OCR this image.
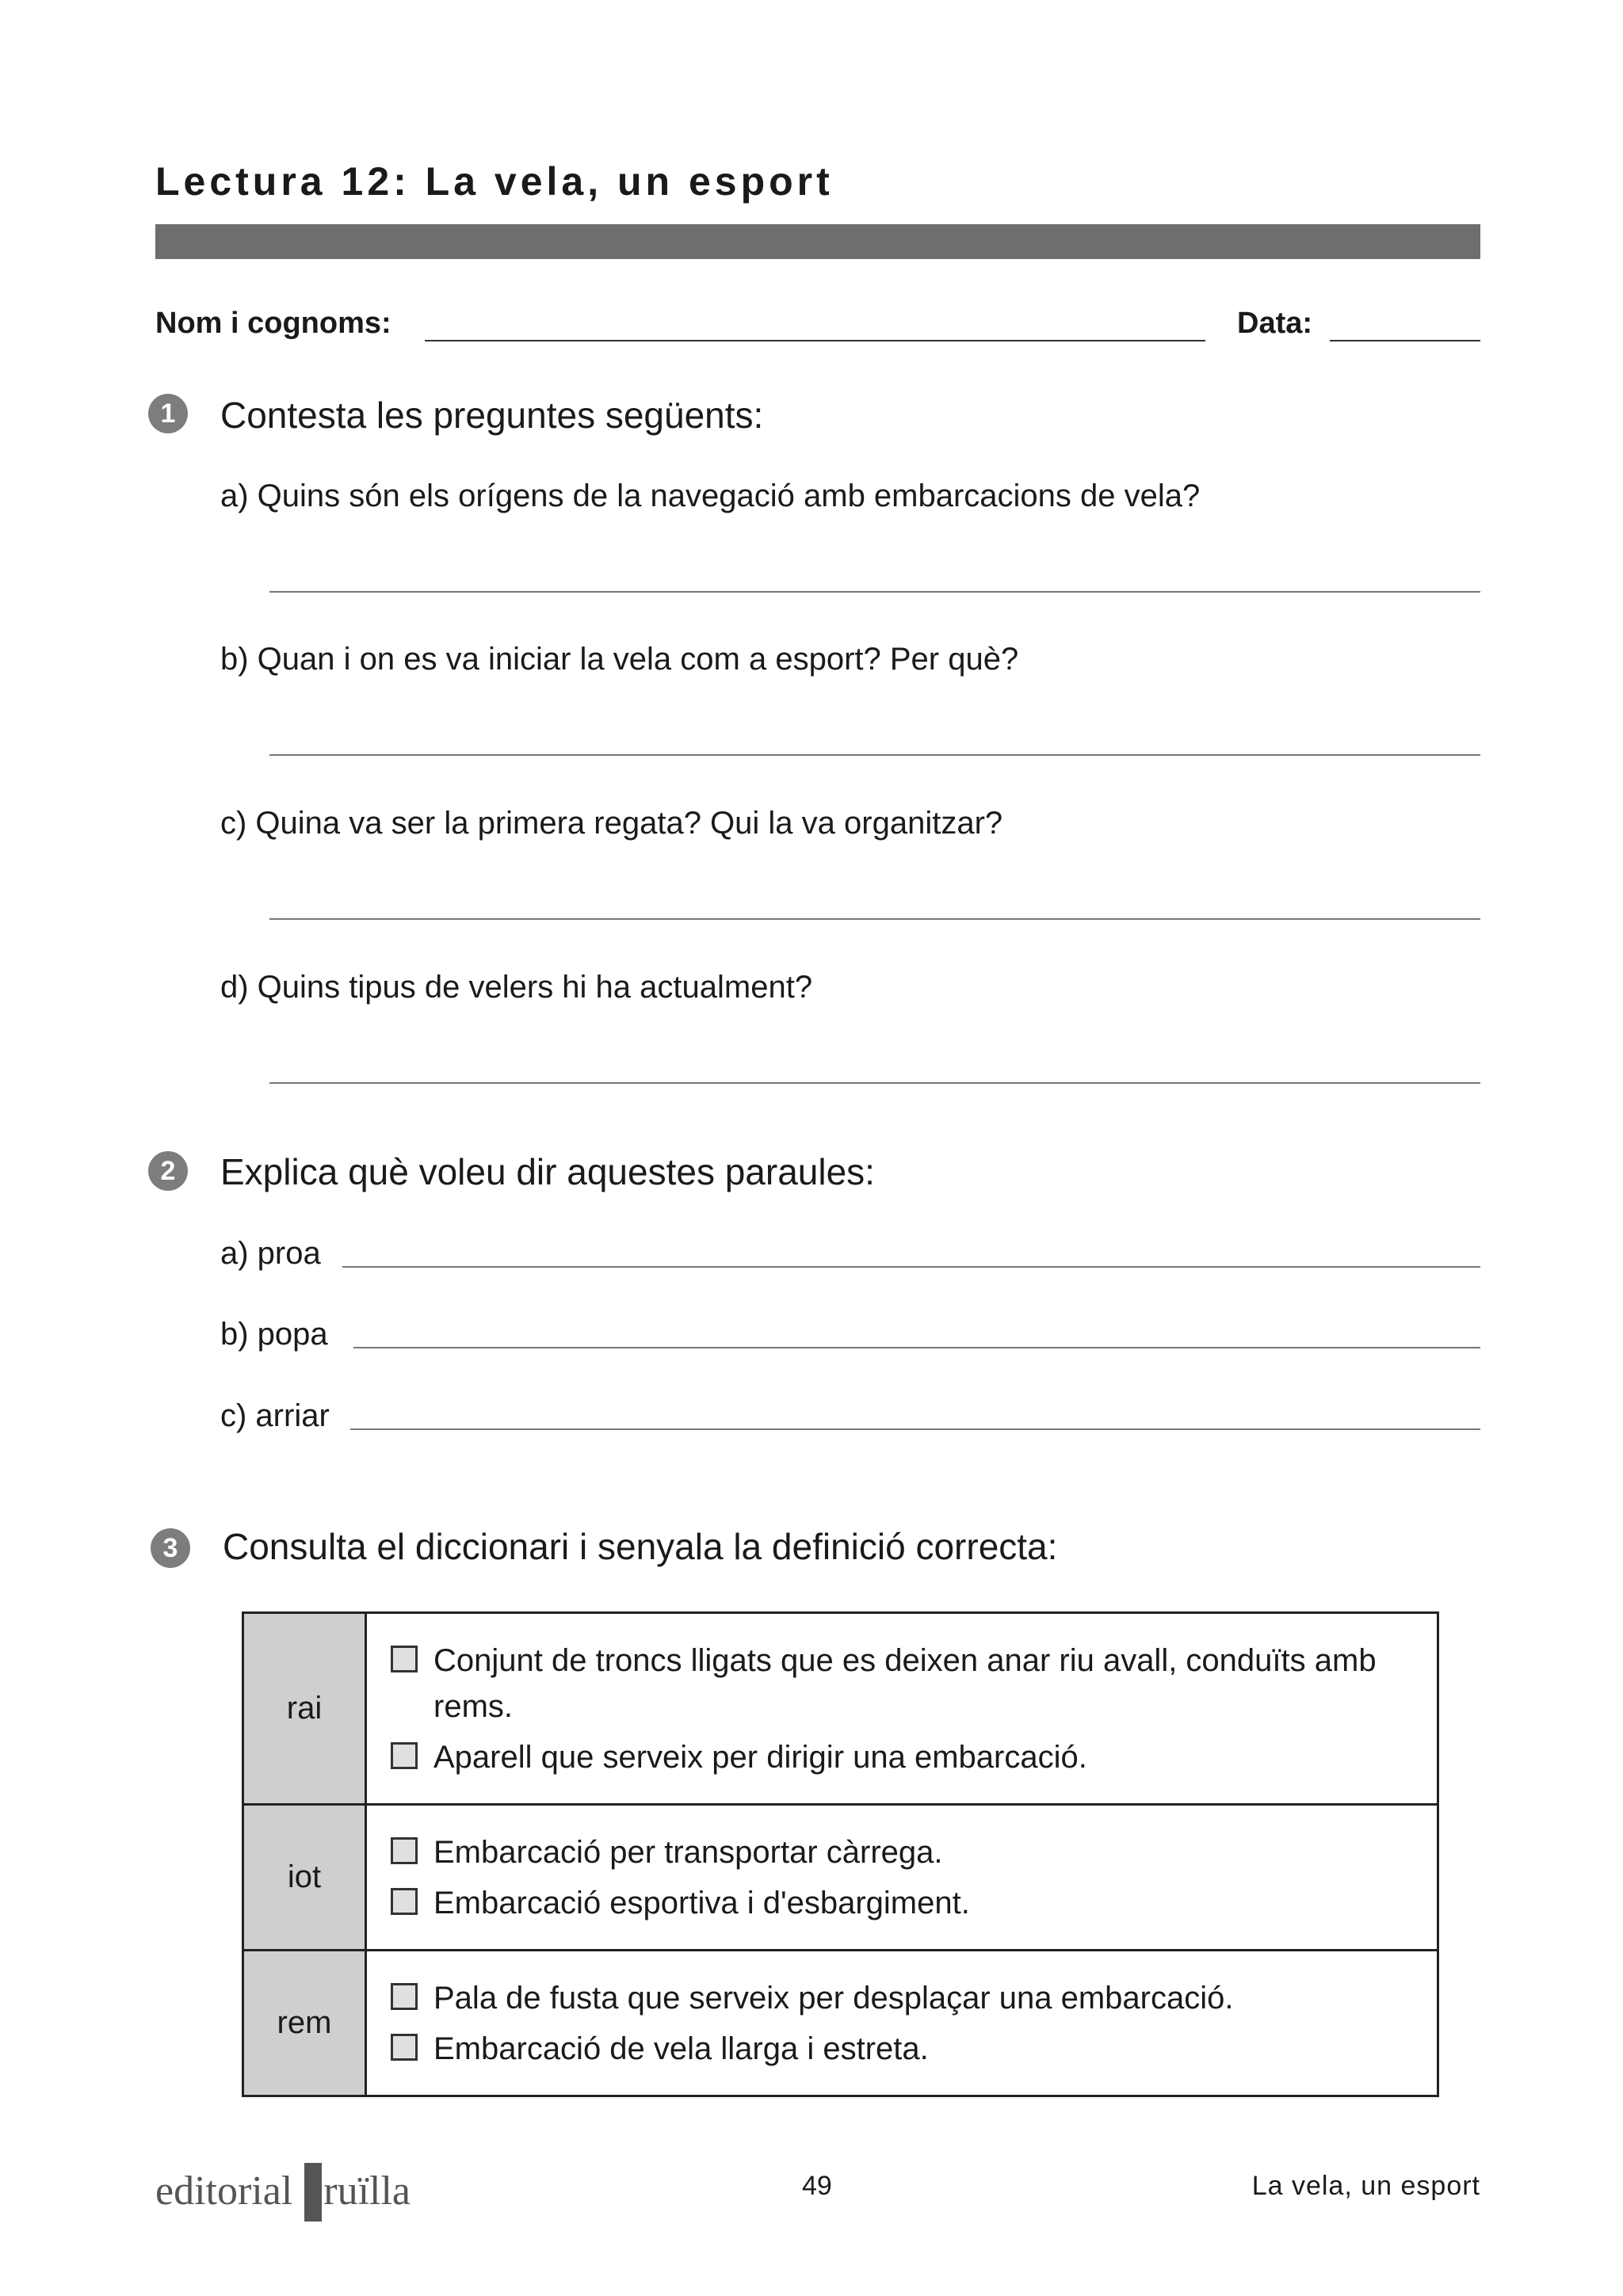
Lectura 12: La vela, un esport
Nom i cognoms:	Data:
1	Contesta les preguntes següents:
a) Quins són els orígens de la navegació amb embarcacions de vela?
b) Quan i on es va iniciar la vela com a esport? Per què?
c) Quina va ser la primera regata? Qui la va organitzar?
d) Quins tipus de velers hi ha actualment?
2	Explica què voleu dir aquestes paraules:
a) proa
b) popa
c) arriar
3	Consulta el diccionari i senyala la definició correcta:
rai	Conjunt de troncs lligats que es deixen anar riu avall, conduïts amb rems.
Aparell que serveix per dirigir una embarcació.

iot	Embarcació per transportar càrrega.
Embarcació esportiva i d'esbargiment.

rem	Pala de fusta que serveix per desplaçar una embarcació.
Embarcació de vela llarga i estreta.
editorial ruïlla	49	La vela, un esport
